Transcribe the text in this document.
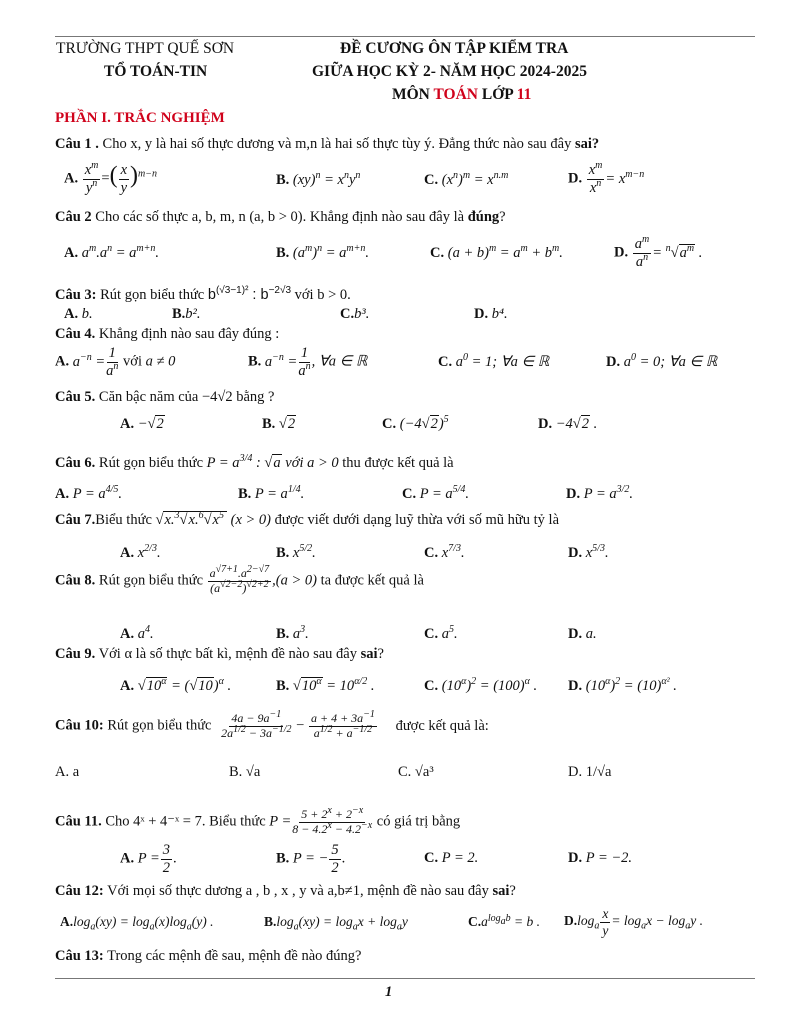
TRƯỜNG THPT QUẾ SƠN
TỔ TOÁN-TIN
ĐỀ CƯƠNG ÔN TẬP KIỂM TRA
GIỮA HỌC KỲ 2- NĂM HỌC 2024-2025
MÔN TOÁN LỚP 11
PHẦN I. TRẮC NGHIỆM
Câu 1 . Cho x, y là hai số thực dương và m,n là hai số thực tùy ý. Đẳng thức nào sau đây sai?
A. $\frac{x^m}{y^n}$ =( $\frac{x}{y} )^{m-n}$	B. $(xy)^n = x^ny^n$	C. $(x^n)^m = x^{n.m}$	D. $\frac{x^m}{x^n} = x^{m-n}$
Câu 2 Cho các số thực a, b, m, n (a, b > 0). Khẳng định nào sau đây là đúng?
A. $a^m.a^n = a^{m+n}$.	B. $(a^m)^n = a^{m+n}$.	C. $(a + b)^m = a^m + b^m$.	D. $\frac{a^m}{a^n} = ^n√a^m$ .
Câu 3: Rút gọn biểu thức $b^{(√3-1)^2}$ : $b^{-2√3}$ với b > 0.
A. b.	B.b².	C.b³.	D. b⁴.
Câu 4. Khẳng định nào sau đây đúng :
A. $a^{-n} = \frac{1}{a^n}$ với a ≠ 0	B. $a^{-n} = \frac{1}{a^n}$ , ∀a ∈ ℝ	C. $a^0 = 1$; ∀a ∈ ℝ	D. $a^0 = 0$; ∀a ∈ ℝ
Câu 5. Căn bậc năm của −4√2 bằng ?
A. −√2	B. √2	C. $(-4√2)^5$	D. −4√2 .
Câu 6. Rút gọn biểu thức $P = a^{3/4}$ : √a với a > 0 thu được kết quả là
A. $P = a^{4/5}$.	B. $P = a^{1/4}$.	C. $P = a^{5/4}$.	D. $P = a^{3/2}$.
Câu 7.Biểu thức $√x.^3√x.^6√x^5$ (x > 0) được viết dưới dạng luỹ thừa với số mũ hữu tỷ là
A. $x^{2/3}$.	B. $x^{5/2}$.	C. $x^{7/3}$.	D. $x^{5/3}$.
Câu 8. Rút gọn biểu thức $\frac{a^{√7+1}.a^{2-√7}}{(a^{√2-2})^{√2+2}} ,(a > 0)$ ta được kết quả là
A. $a^4$.	B. $a^3$.	C. $a^5$.	D. a.
Câu 9. Với α là số thực bất kì, mệnh đề nào sau đây sai?
A. $√10^\alpha = (√10)^\alpha$ .	B. $√10^\alpha = 10^{\alpha/2}$ .	C. $(10^\alpha)^2 = (100)^\alpha$ . D. $(10^\alpha)^2 = (10)^{\alpha^2}$ .
Câu 10: Rút gọn biểu thức $\frac{4a - 9a^{-1}}{2a^{1/2} - 3a^{-1/2}} - \frac{a + 4 + 3a^{-1}}{a^{1/2} + a^{-1/2}}$ được kết quả là:
A. a	B. √a	C. √a³	D. 1/√a
Câu 11. Cho 4ˣ + 4⁻ˣ = 7. Biểu thức $P = \frac{5 + 2^x + 2^{-x}}{8 - 4.2^x - 4.2^{-x}}$ có giá trị bằng
A. $P = \frac{3}{2}$ .	B. P = − $\frac{5}{2}$ .	C. P = 2.	D. P = −2.
Câu 12: Với mọi số thực dương a , b , x , y và a,b≠1, mệnh đề nào sau đây sai?
$A.\log_a(xy) = \log_a(x)\log_a(y)$ .	$B.\log_a(xy) = \log_ax + \log_ay$	$C.a^{log_ab} = b$ . $D.\log_a \frac{x}{y} = \log_ax - \log_ay$ .
Câu 13: Trong các mệnh đề sau, mệnh đề nào đúng?
1
